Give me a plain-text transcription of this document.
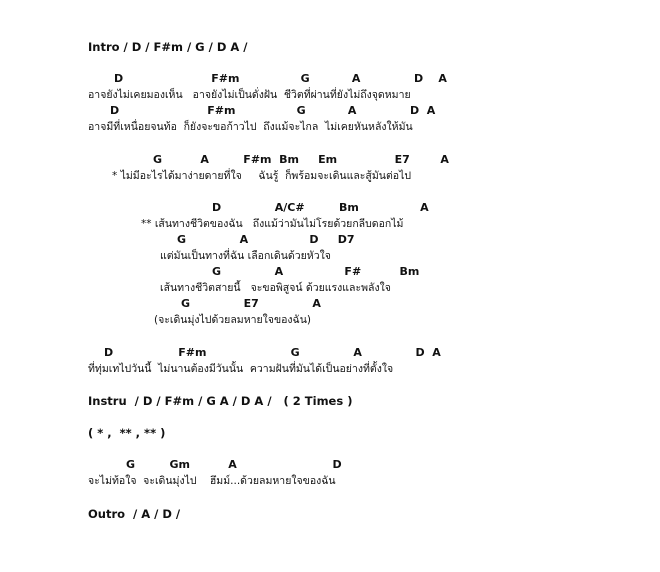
Intro / D / F#m / G / D A /
D                       F#m                G           A              D    A
อาจยังไม่เคยมองเห็น   อาจยังไม่เป็นดั่งฝัน  ชีวิตที่ผ่านที่ยังไม่ถึงจุดหมาย
D                       F#m                G           A              D  A
อาจมีที่เหนื่อยจนท้อ  ก็ยังจะขอก้าวไป  ถึงแม้จะไกล  ไม่เคยหันหลังให้มัน
G          A         F#m  Bm     Em               E7        A
* ไม่มีอะไรได้มาง่ายดายที่ใจ     ฉันรู้  ก็พร้อมจะเดินและสู้มันต่อไป
D              A/C#         Bm                A
** เส้นทางชีวิตของฉัน   ถึงแม้ว่ามันไม่โรยด้วยกลีบดอกไม้
G              A                D     D7
แต่มันเป็นทางที่ฉัน เลือกเดินด้วยหัวใจ
G              A                F#          Bm
เส้นทางชีวิตสายนี้   จะขอพิสูจน์ ด้วยแรงและพลังใจ
G              E7              A
(จะเดินมุ่งไปด้วยลมหายใจของฉัน)
D                 F#m                      G              A              D  A
ที่ทุ่มเทไปวันนี้  ไม่นานต้องมีวันนั้น  ความฝันที่มันได้เป็นอย่างที่ตั้งใจ
Instru  / D / F#m / G A / D A /   ( 2 Times )
( * ,  ** , ** )
G         Gm          A                         D
จะไม่ท้อใจ  จะเดินมุ่งไป    ฮึมม์...ด้วยลมหายใจของฉัน
Outro  / A / D /
